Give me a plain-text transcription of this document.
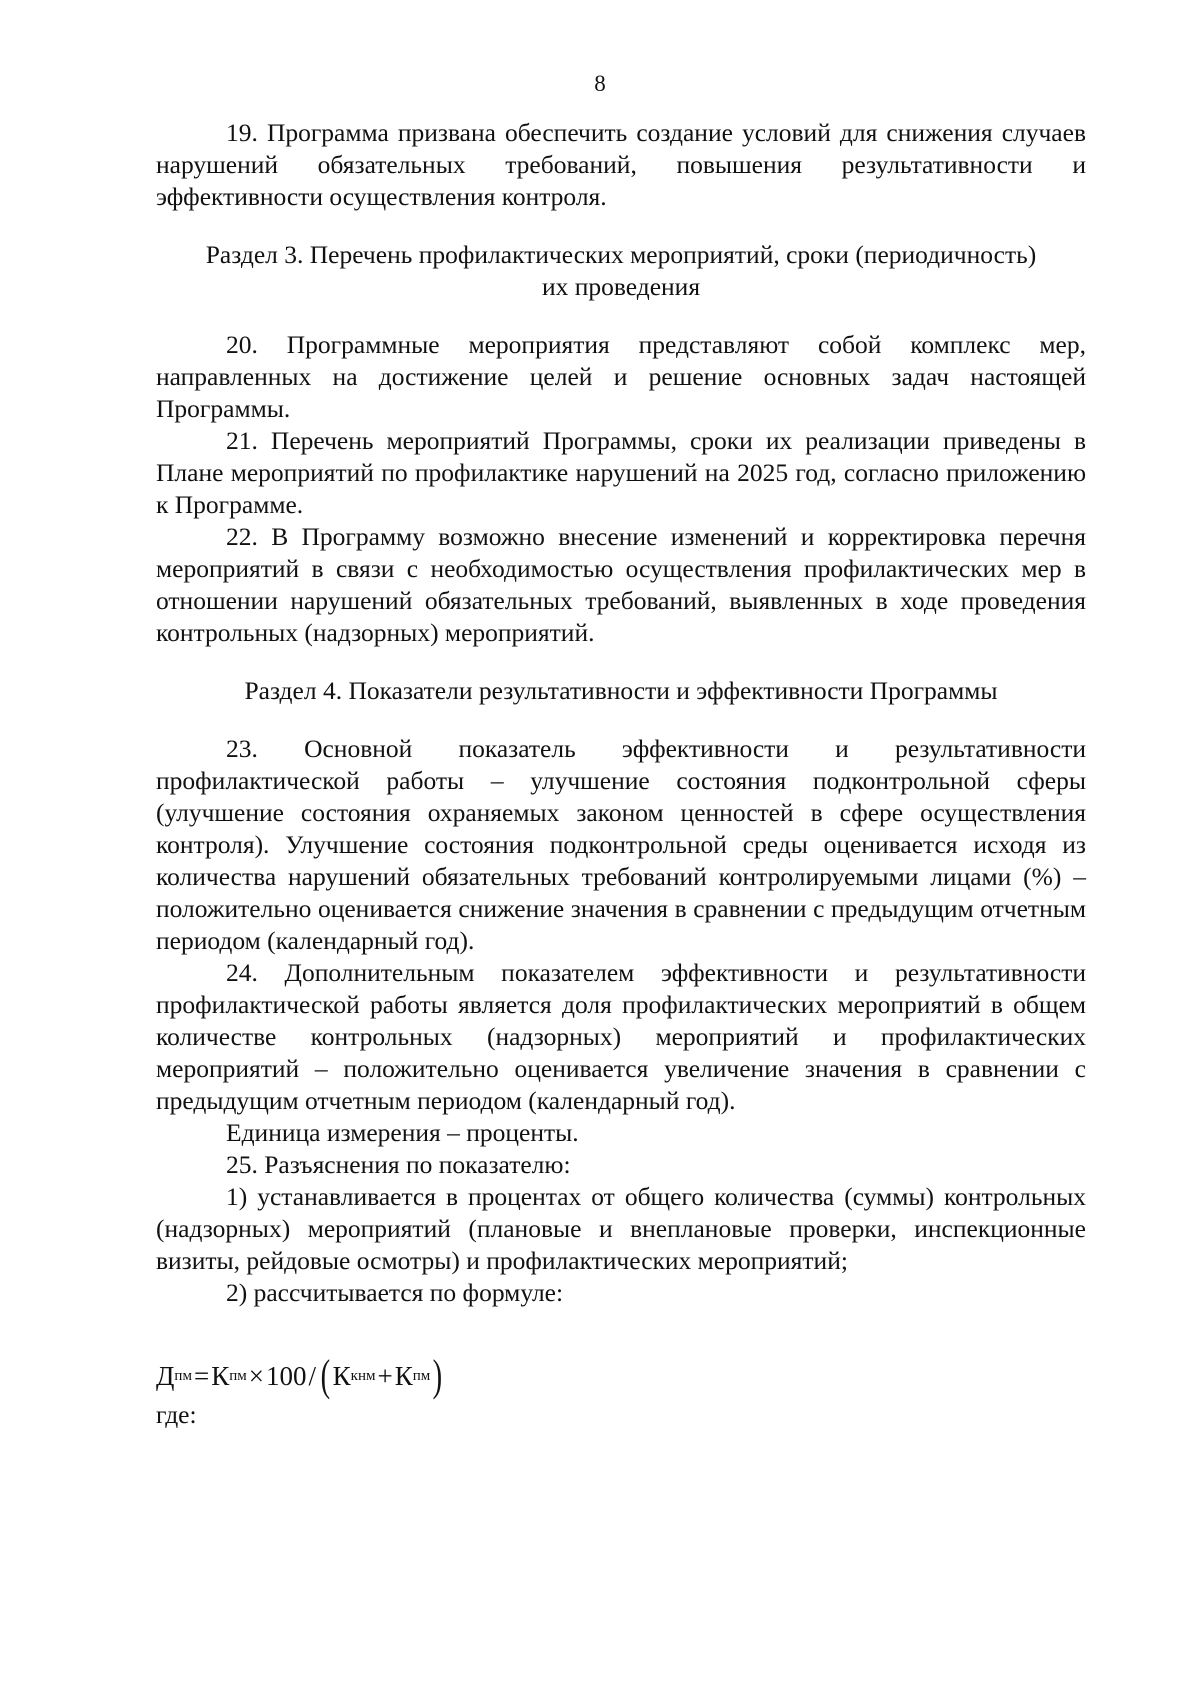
8

19. Программа призвана обеспечить создание условий для снижения случаев нарушений обязательных требований, повышения результативности и эффективности осуществления контроля.

Раздел 3. Перечень профилактических мероприятий, сроки (периодичность)

их проведения

20. Программные мероприятия представляют собой комплекс мер, направленных на достижение целей и решение основных задач настоящей Программы.

21. Перечень мероприятий Программы, сроки их реализации приведены в Плане мероприятий по профилактике нарушений на 2025 год, согласно приложению к Программе.

22. В Программу возможно внесение изменений и корректировка перечня мероприятий в связи с необходимостью осуществления профилактических мер в отношении нарушений обязательных требований, выявленных в ходе проведения контрольных (надзорных) мероприятий.

Раздел 4. Показатели результативности и эффективности Программы

23. Основной показатель эффективности и результативности профилактической работы – улучшение состояния подконтрольной сферы (улучшение состояния охраняемых законом ценностей в сфере осуществления контроля). Улучшение состояния подконтрольной среды оценивается исходя из количества нарушений обязательных требований контролируемыми лицами (%) – положительно оценивается снижение значения в сравнении с предыдущим отчетным периодом (календарный год).

24. Дополнительным показателем эффективности и результативности профилактической работы является доля профилактических мероприятий в общем количестве контрольных (надзорных) мероприятий и профилактических мероприятий – положительно оценивается увеличение значения в сравнении с предыдущим отчетным периодом (календарный год).

Единица измерения – проценты.

25. Разъяснения по показателю:

1) устанавливается в процентах от общего количества (суммы) контрольных (надзорных) мероприятий (плановые и внеплановые проверки, инспекционные визиты, рейдовые осмотры) и профилактических мероприятий;

2) рассчитывается по формуле:

Д пм = К пм × 100 / ( К кнм + К пм )

где:
